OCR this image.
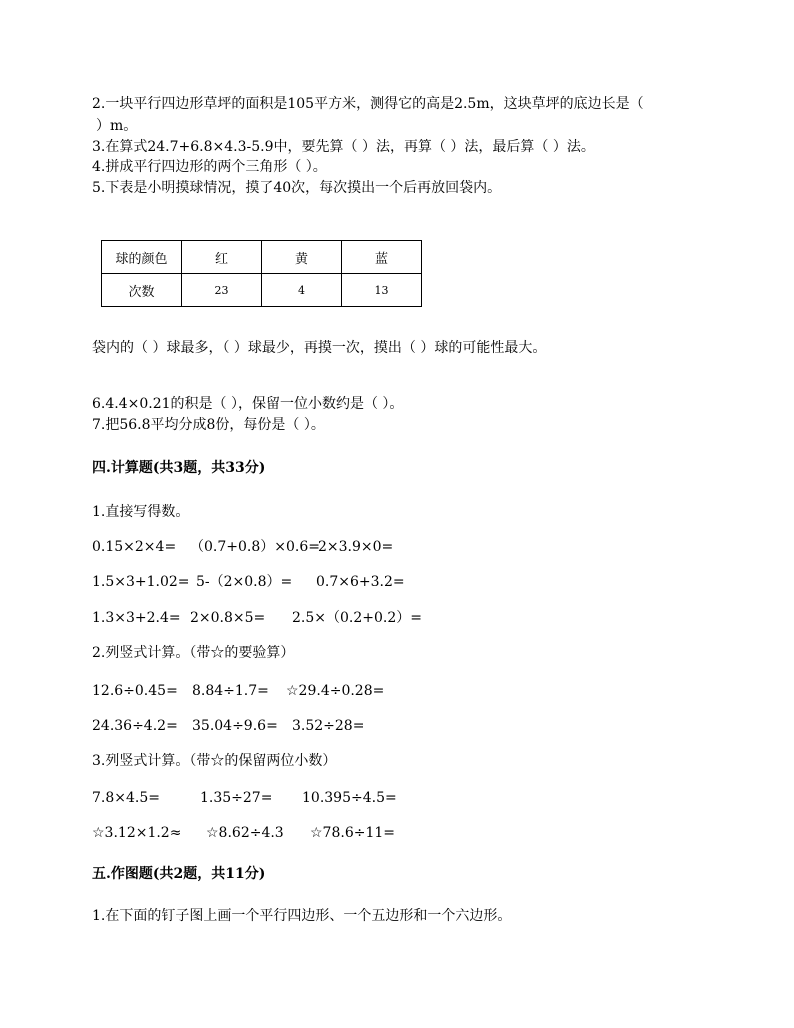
2.一块平行四边形草坪的面积是105平方米，测得它的高是2.5m，这块草坪的底边长是（
）m。
3.在算式24.7+6.8×4.3-5.9中，要先算（ ）法，再算（ ）法，最后算（ ）法。
4.拼成平行四边形的两个三角形（ ）。
5.下表是小明摸球情况，摸了40次，每次摸出一个后再放回袋内。
球的颜色	红	黄	蓝
次数	23	4	13
袋内的（ ）球最多，（ ）球最少，再摸一次，摸出（ ）球的可能性最大。
6.4.4×0.21的积是（ ），保留一位小数约是（ ）。
7.把56.8平均分成8份，每份是（ ）。
四.计算题(共3题，共33分)
1.直接写得数。
0.15×2×4= （0.7+0.8）×0.6=
2×3.9×0=
1.5×3+1.02= 5-（2×0.8）= 0.7×6+3.2=
1.3×3+2.4= 2×0.8×5= 2.5×（0.2+0.2）=
2.列竖式计算。（带☆的要验算）
12.6÷0.45= 8.84÷1.7= ☆29.4÷0.28=
24.36÷4.2= 35.04÷9.6= 3.52÷28=
3.列竖式计算。（带☆的保留两位小数）
7.8×4.5=	1.35÷27= 10.395÷4.5=
☆3.12×1.2≈ ☆8.62÷4.3 ☆78.6÷11=
五.作图题(共2题，共11分)
1.在下面的钉子图上画一个平行四边形、一个五边形和一个六边形。
